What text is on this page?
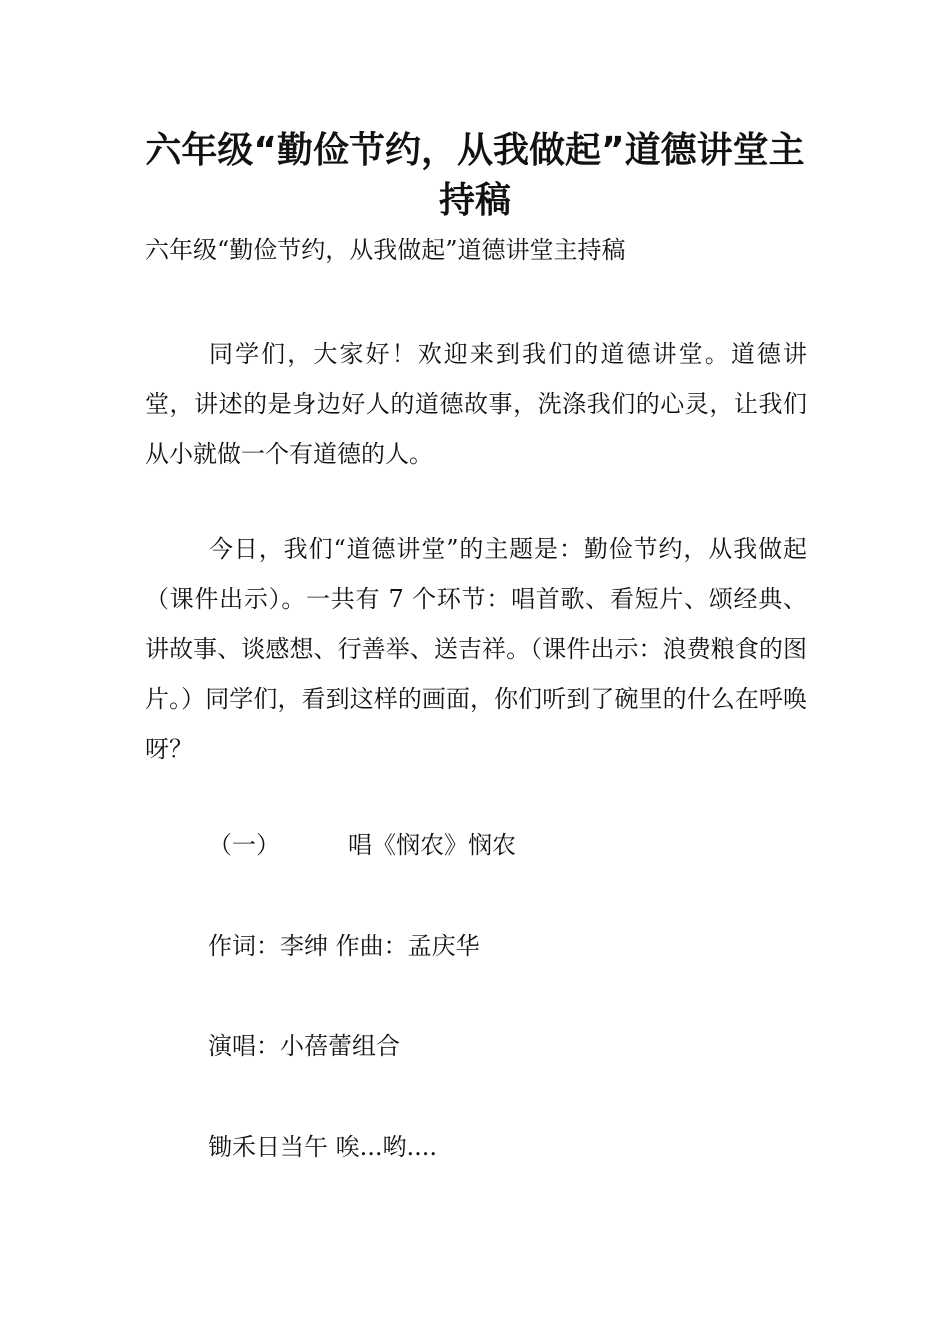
六年级“勤俭节约，从我做起”道德讲堂主持稿

六年级“勤俭节约，从我做起”道德讲堂主持稿

同学们，大家好！欢迎来到我们的道德讲堂。道德讲堂，讲述的是身边好人的道德故事，洗涤我们的心灵，让我们从小就做一个有道德的人。

今日，我们“道德讲堂”的主题是：勤俭节约，从我做起（课件出示）。一共有 7 个环节：唱首歌、看短片、颂经典、讲故事、谈感想、行善举、送吉祥。（课件出示：浪费粮食的图片。）同学们，看到这样的画面，你们听到了碗里的什么在呼唤呀？

（一）	唱《悯农》悯农

作词：李绅 作曲：孟庆华

演唱：小蓓蕾组合

锄禾日当午 唉...哟....
